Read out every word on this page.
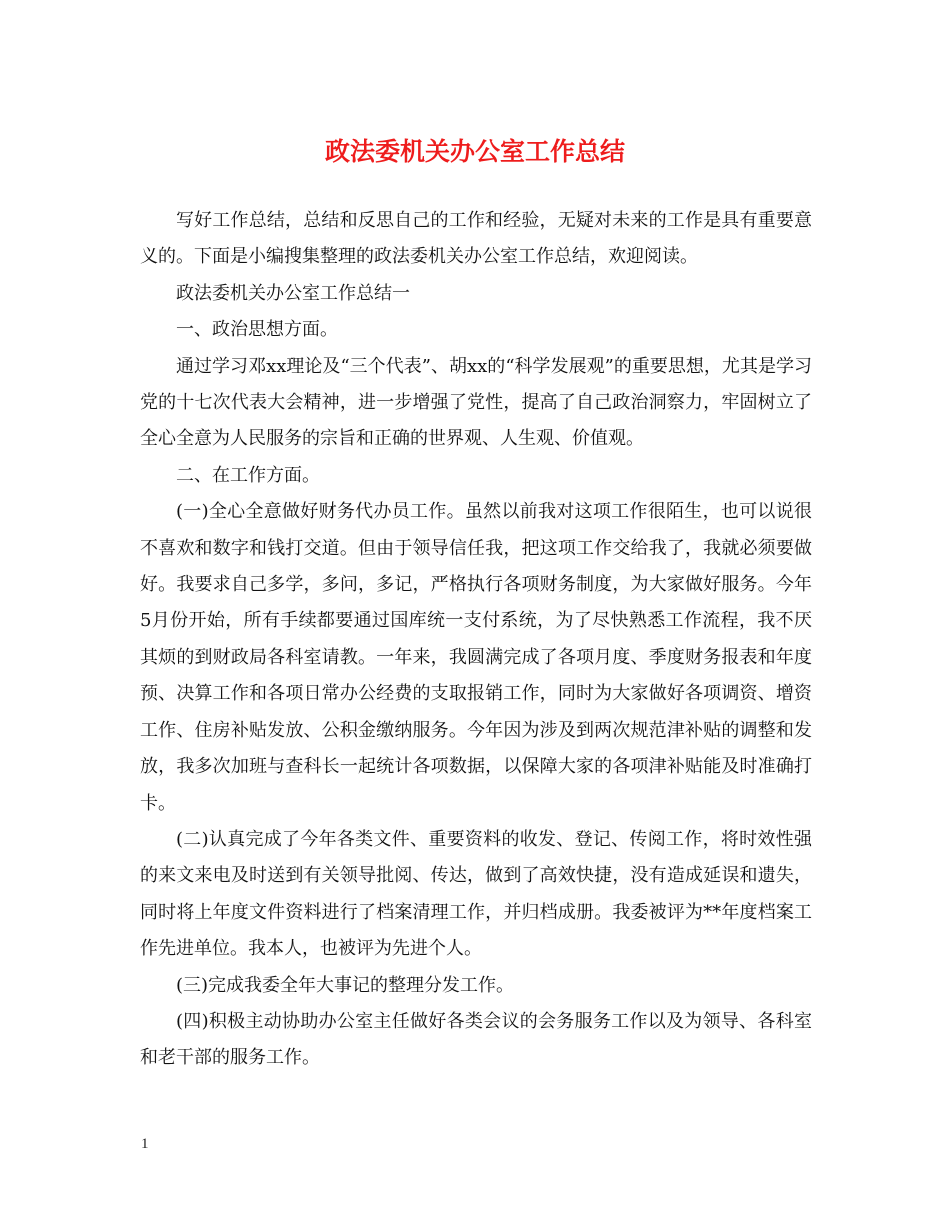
政法委机关办公室工作总结

写好工作总结，总结和反思自己的工作和经验，无疑对未来的工作是具有重要意义的。下面是小编搜集整理的政法委机关办公室工作总结，欢迎阅读。

政法委机关办公室工作总结一

一、政治思想方面。

通过学习邓xx理论及“三个代表”、胡xx的“科学发展观”的重要思想，尤其是学习党的十七次代表大会精神，进一步增强了党性，提高了自己政治洞察力，牢固树立了全心全意为人民服务的宗旨和正确的世界观、人生观、价值观。

二、在工作方面。

(一)全心全意做好财务代办员工作。虽然以前我对这项工作很陌生，也可以说很不喜欢和数字和钱打交道。但由于领导信任我，把这项工作交给我了，我就必须要做好。我要求自己多学，多问，多记，严格执行各项财务制度，为大家做好服务。今年5月份开始，所有手续都要通过国库统一支付系统，为了尽快熟悉工作流程，我不厌其烦的到财政局各科室请教。一年来，我圆满完成了各项月度、季度财务报表和年度预、决算工作和各项日常办公经费的支取报销工作，同时为大家做好各项调资、增资工作、住房补贴发放、公积金缴纳服务。今年因为涉及到两次规范津补贴的调整和发放，我多次加班与查科长一起统计各项数据，以保障大家的各项津补贴能及时准确打卡。

(二)认真完成了今年各类文件、重要资料的收发、登记、传阅工作，将时效性强的来文来电及时送到有关领导批阅、传达，做到了高效快捷，没有造成延误和遗失，同时将上年度文件资料进行了档案清理工作，并归档成册。我委被评为**年度档案工作先进单位。我本人，也被评为先进个人。

(三)完成我委全年大事记的整理分发工作。

(四)积极主动协助办公室主任做好各类会议的会务服务工作以及为领导、各科室和老干部的服务工作。

1
